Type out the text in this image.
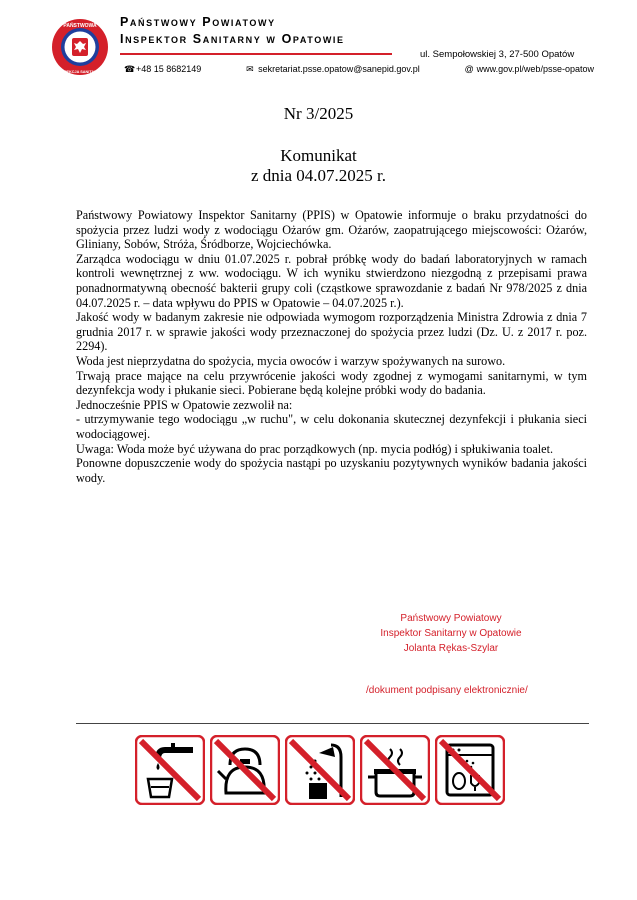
PAŃSTWOWA
INSPEKCJA SANITARNA
Państwowy Powiatowy
Inspektor Sanitarny w Opatowie
ul. Sempołowskiej 3, 27-500 Opatów
☎+48 15 8682149	✉ sekretariat.psse.opatow@sanepid.gov.pl	@ www.gov.pl/web/psse-opatow
Nr 3/2025
Komunikat
z dnia 04.07.2025 r.

Państwowy Powiatowy Inspektor Sanitarny (PPIS) w Opatowie informuje o braku przydatności do spożycia przez ludzi wody z wodociągu Ożarów gm. Ożarów, zaopatrującego miejscowości: Ożarów, Gliniany, Sobów, Stróża, Śródborze, Wojciechówka.

Zarządca wodociągu w dniu 01.07.2025 r. pobrał próbkę wody do badań laboratoryjnych w ramach kontroli wewnętrznej z ww. wodociągu. W ich wyniku stwierdzono niezgodną z przepisami prawa ponadnormatywną obecność bakterii grupy coli (cząstkowe sprawozdanie z badań Nr 978/2025 z dnia 04.07.2025 r. – data wpływu do PPIS w Opatowie – 04.07.2025 r.).

Jakość wody w badanym zakresie nie odpowiada wymogom rozporządzenia Ministra Zdrowia z dnia 7 grudnia 2017 r. w sprawie jakości wody przeznaczonej do spożycia przez ludzi (Dz. U. z 2017 r. poz. 2294).

Woda jest nieprzydatna do spożycia, mycia owoców i warzyw spożywanych na surowo.

Trwają prace mające na celu przywrócenie jakości wody zgodnej z wymogami sanitarnymi, w tym dezynfekcja wody i płukanie sieci. Pobierane będą kolejne próbki wody do badania.

Jednocześnie PPIS w Opatowie zezwolił na:

- utrzymywanie tego wodociągu „w ruchu", w celu dokonania skutecznej dezynfekcji i płukania sieci wodociągowej.

Uwaga: Woda może być używana do prac porządkowych (np. mycia podłóg) i spłukiwania toalet.

Ponowne dopuszczenie wody do spożycia nastąpi po uzyskaniu pozytywnych wyników badania jakości wody.

Państwowy Powiatowy
Inspektor Sanitarny w Opatowie
Jolanta Rękas-Szylar
/dokument podpisany elektronicznie/
